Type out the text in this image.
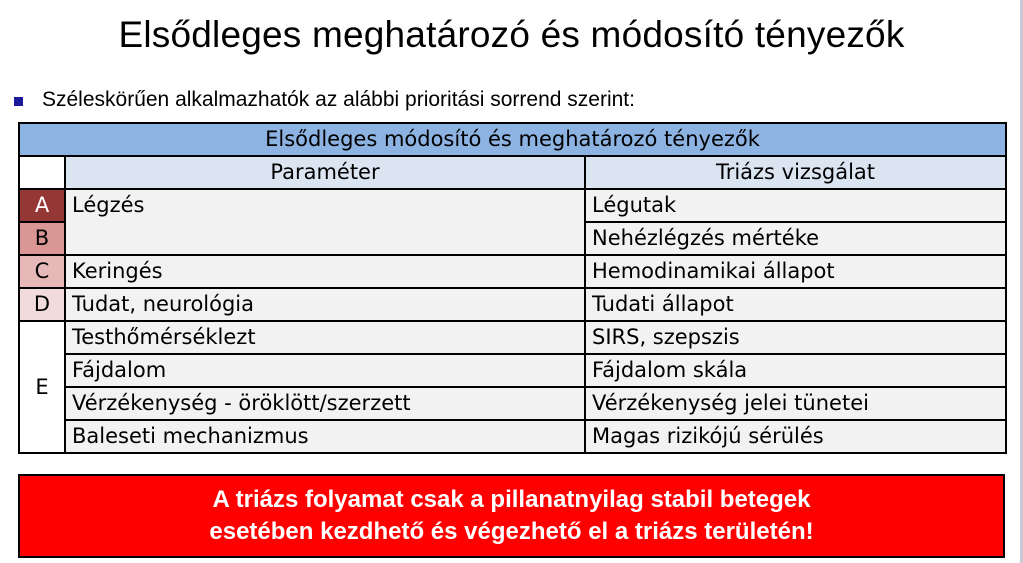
Elsődleges meghatározó és módosító tényezők
Széleskörűen alkalmazhatók az alábbi prioritási sorrend szerint:
Elsődleges módosító és meghatározó tényezők		
	Paraméter	Triázs vizsgálat
A	Légzés	Légutak
B		Nehézlégzés mértéke
C	Keringés	Hemodinamikai állapot
D	Tudat, neurológia	Tudati állapot
E	Testhőmérséklezt	SIRS, szepszis
	Fájdalom	Fájdalom skála
	Vérzékenység - öröklött/szerzett	Vérzékenység jelei tünetei
	Baleseti mechanizmus	Magas rizikójú sérülés
A triázs folyamat csak a pillanatnyilag stabil betegek
esetében kezdhető és végezhető el a triázs területén!
